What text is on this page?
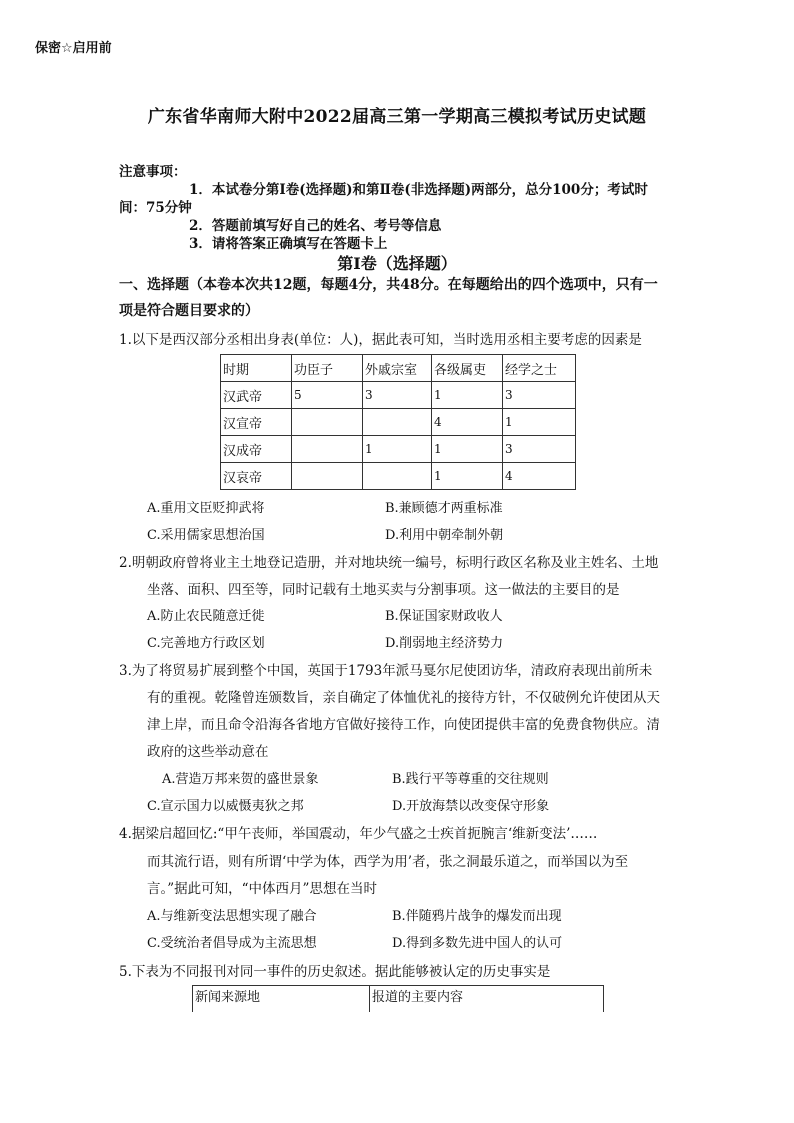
保密☆启用前
广东省华南师大附中2022届高三第一学期高三模拟考试历史试题
注意事项：
1．本试卷分第Ⅰ卷(选择题)和第Ⅱ卷(非选择题)两部分，总分100分；考试时
间：75分钟
2．答题前填写好自己的姓名、考号等信息
3．请将答案正确填写在答题卡上
第Ⅰ卷（选择题）
一、选择题（本卷本次共12题，每题4分，共48分。在每题给出的四个选项中，只有一
项是符合题目要求的）
1.以下是西汉部分丞相出身表(单位：人)，据此表可知，当时选用丞相主要考虑的因素是
时期	功臣子	外戚宗室	各级属吏	经学之士
汉武帝	5	3	1	3
汉宣帝			4	1
汉成帝		1	1	3
汉哀帝			1	4
A.重用文臣贬抑武将	B.兼顾德才两重标准
C.采用儒家思想治国	D.利用中朝牵制外朝
2.明朝政府曾将业主土地登记造册，并对地块统一编号，标明行政区名称及业主姓名、土地
坐落、面积、四至等，同时记载有土地买卖与分割事项。这一做法的主要目的是
A.防止农民随意迁徙	B.保证国家财政收人
C.完善地方行政区划	D.削弱地主经济势力
3.为了将贸易扩展到整个中国，英国于1793年派马戛尔尼使团访华，清政府表现出前所未
有的重视。乾隆曾连颁数旨，亲自确定了体恤优礼的接待方针，不仅破例允许使团从天
津上岸，而且命令沿海各省地方官做好接待工作，向使团提供丰富的免费食物供应。清
政府的这些举动意在
A.营造万邦来贺的盛世景象	B.践行平等尊重的交往规则
C.宣示国力以威慑夷狄之邦	D.开放海禁以改变保守形象
4.据梁启超回忆:“甲午丧师，举国震动，年少气盛之士疾首扼腕言‘维新变法’……
而其流行语，则有所谓‘中学为体，西学为用’者，张之洞最乐道之，而举国以为至
言。”据此可知，“中体西月”思想在当时
A.与维新变法思想实现了融合	B.伴随鸦片战争的爆发而出现
C.受统治者倡导成为主流思想	D.得到多数先进中国人的认可
5.下表为不同报刊对同一事件的历史叙述。据此能够被认定的历史事实是
新闻来源地	报道的主要内容
